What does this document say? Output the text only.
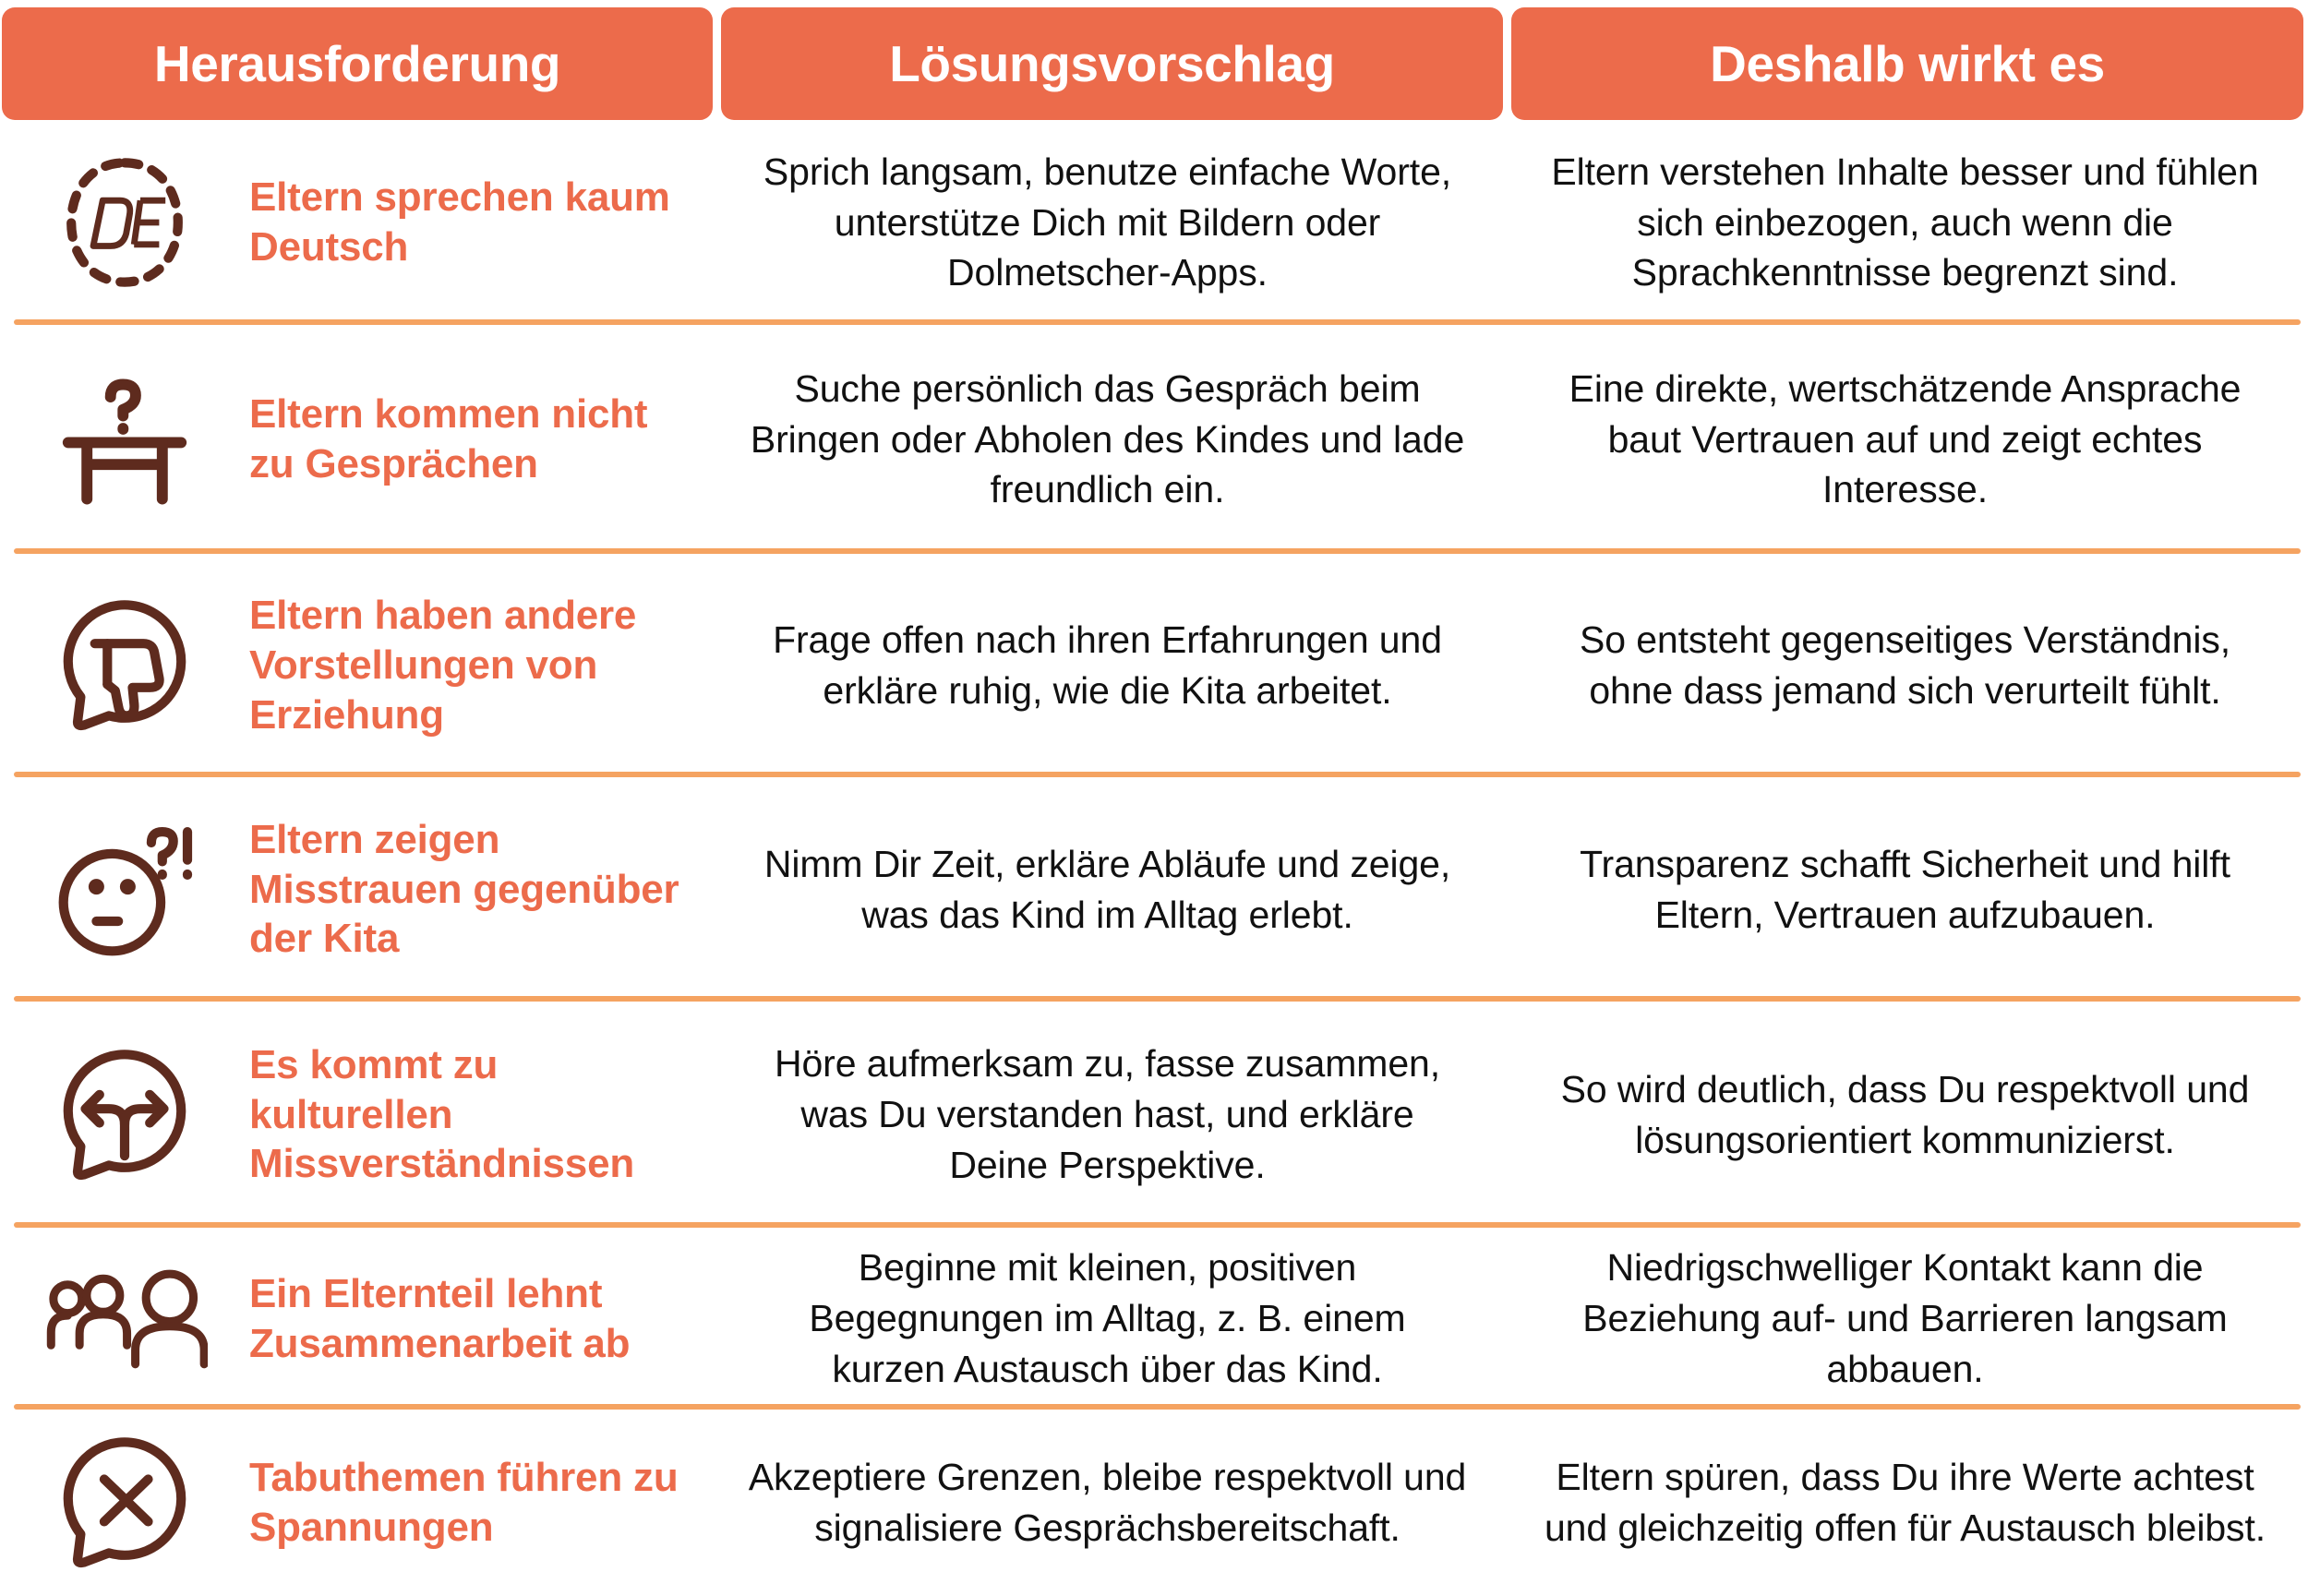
Herausforderung	Lösungsvorschlag	Deshalb wirkt es
Eltern sprechen kaum Deutsch
Sprich langsam, benutze einfache Worte, unterstütze Dich mit Bildern oder Dolmetscher-Apps.
Eltern verstehen Inhalte besser und fühlen sich einbezogen, auch wenn die Sprachkenntnisse begrenzt sind.
Eltern kommen nicht zu Gesprächen
Suche persönlich das Gespräch beim Bringen oder Abholen des Kindes und lade freundlich ein.
Eine direkte, wertschätzende Ansprache baut Vertrauen auf und zeigt echtes Interesse.
Eltern haben andere Vorstellungen von Erziehung
Frage offen nach ihren Erfahrungen und erkläre ruhig, wie die Kita arbeitet.
So entsteht gegenseitiges Verständnis, ohne dass jemand sich verurteilt fühlt.
Eltern zeigen Misstrauen gegenüber der Kita
Nimm Dir Zeit, erkläre Abläufe und zeige, was das Kind im Alltag erlebt.
Transparenz schafft Sicherheit und hilft Eltern, Vertrauen aufzubauen.
Es kommt zu kulturellen Missverständnissen
Höre aufmerksam zu, fasse zusammen, was Du verstanden hast, und erkläre Deine Perspektive.
So wird deutlich, dass Du respektvoll und lösungsorientiert kommunizierst.
Ein Elternteil lehnt Zusammenarbeit ab
Beginne mit kleinen, positiven Begegnungen im Alltag, z. B. einem kurzen Austausch über das Kind.
Niedrigschwelliger Kontakt kann die Beziehung auf- und Barrieren langsam abbauen.
Tabuthemen führen zu Spannungen
Akzeptiere Grenzen, bleibe respektvoll und signalisiere Gesprächsbereitschaft.
Eltern spüren, dass Du ihre Werte achtest und gleichzeitig offen für Austausch bleibst.
